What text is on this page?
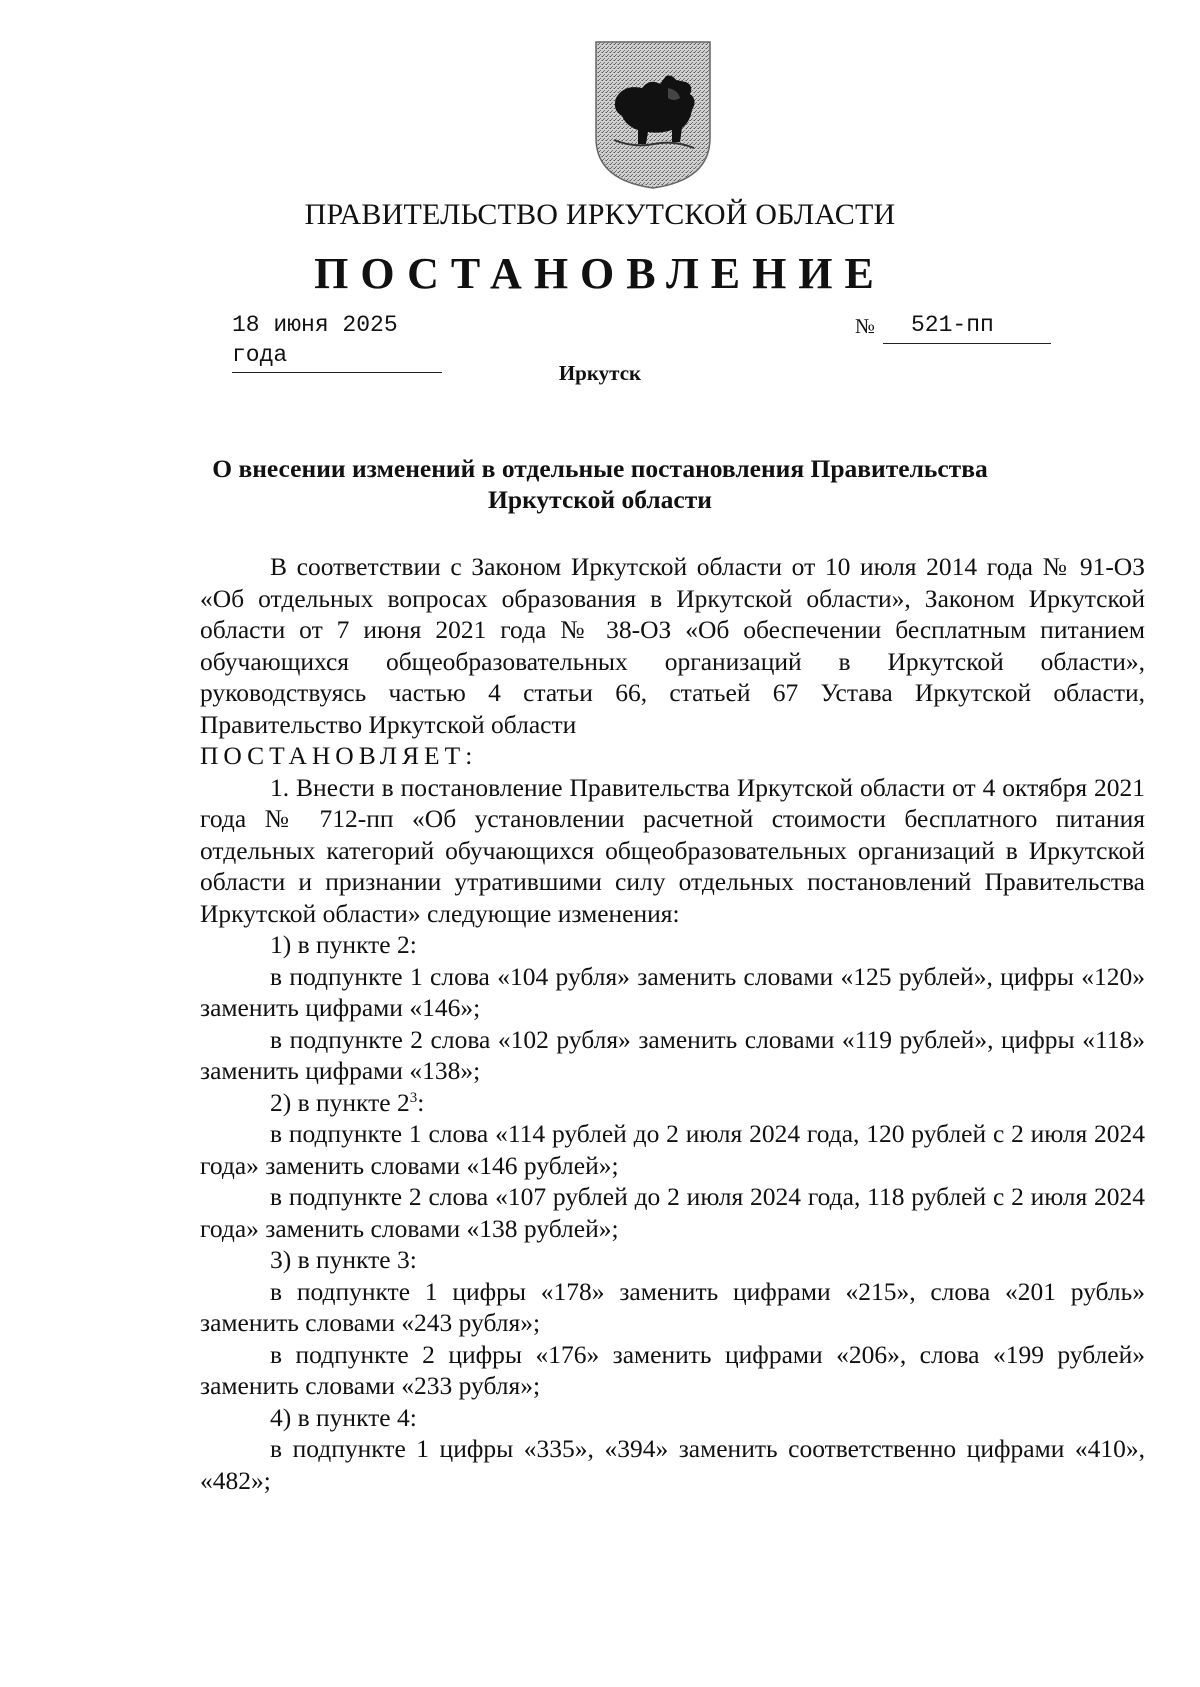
ПРАВИТЕЛЬСТВО ИРКУТСКОЙ ОБЛАСТИ
ПОСТАНОВЛЕНИЕ
18 июня 2025 года
№ 521-пп
Иркутск
О внесении изменений в отдельные постановления Правительства
Иркутской области

В соответствии с Законом Иркутской области от 10 июля 2014 года № 91-ОЗ «Об отдельных вопросах образования в Иркутской области», Законом Иркутской области от 7 июня 2021 года № 38-ОЗ «Об обеспечении бесплатным питанием обучающихся общеобразовательных организаций в Иркутской области», руководствуясь частью 4 статьи 66, статьей 67 Устава Иркутской области, Правительство Иркутской области

ПОСТАНОВЛЯЕТ:

1. Внести в постановление Правительства Иркутской области от 4 октября 2021 года № 712-пп «Об установлении расчетной стоимости бесплатного питания отдельных категорий обучающихся общеобразовательных организаций в Иркутской области и признании утратившими силу отдельных постановлений Правительства Иркутской области» следующие изменения:

1) в пункте 2:

в подпункте 1 слова «104 рубля» заменить словами «125 рублей», цифры «120» заменить цифрами «146»;

в подпункте 2 слова «102 рубля» заменить словами «119 рублей», цифры «118» заменить цифрами «138»;

2) в пункте $2^3$:

в подпункте 1 слова «114 рублей до 2 июля 2024 года, 120 рублей с 2 июля 2024 года» заменить словами «146 рублей»;

в подпункте 2 слова «107 рублей до 2 июля 2024 года, 118 рублей с 2 июля 2024 года» заменить словами «138 рублей»;

3) в пункте 3:

в подпункте 1 цифры «178» заменить цифрами «215», слова «201 рубль» заменить словами «243 рубля»;

в подпункте 2 цифры «176» заменить цифрами «206», слова «199 рублей» заменить словами «233 рубля»;

4) в пункте 4:

в подпункте 1 цифры «335», «394» заменить соответственно цифрами «410», «482»;
